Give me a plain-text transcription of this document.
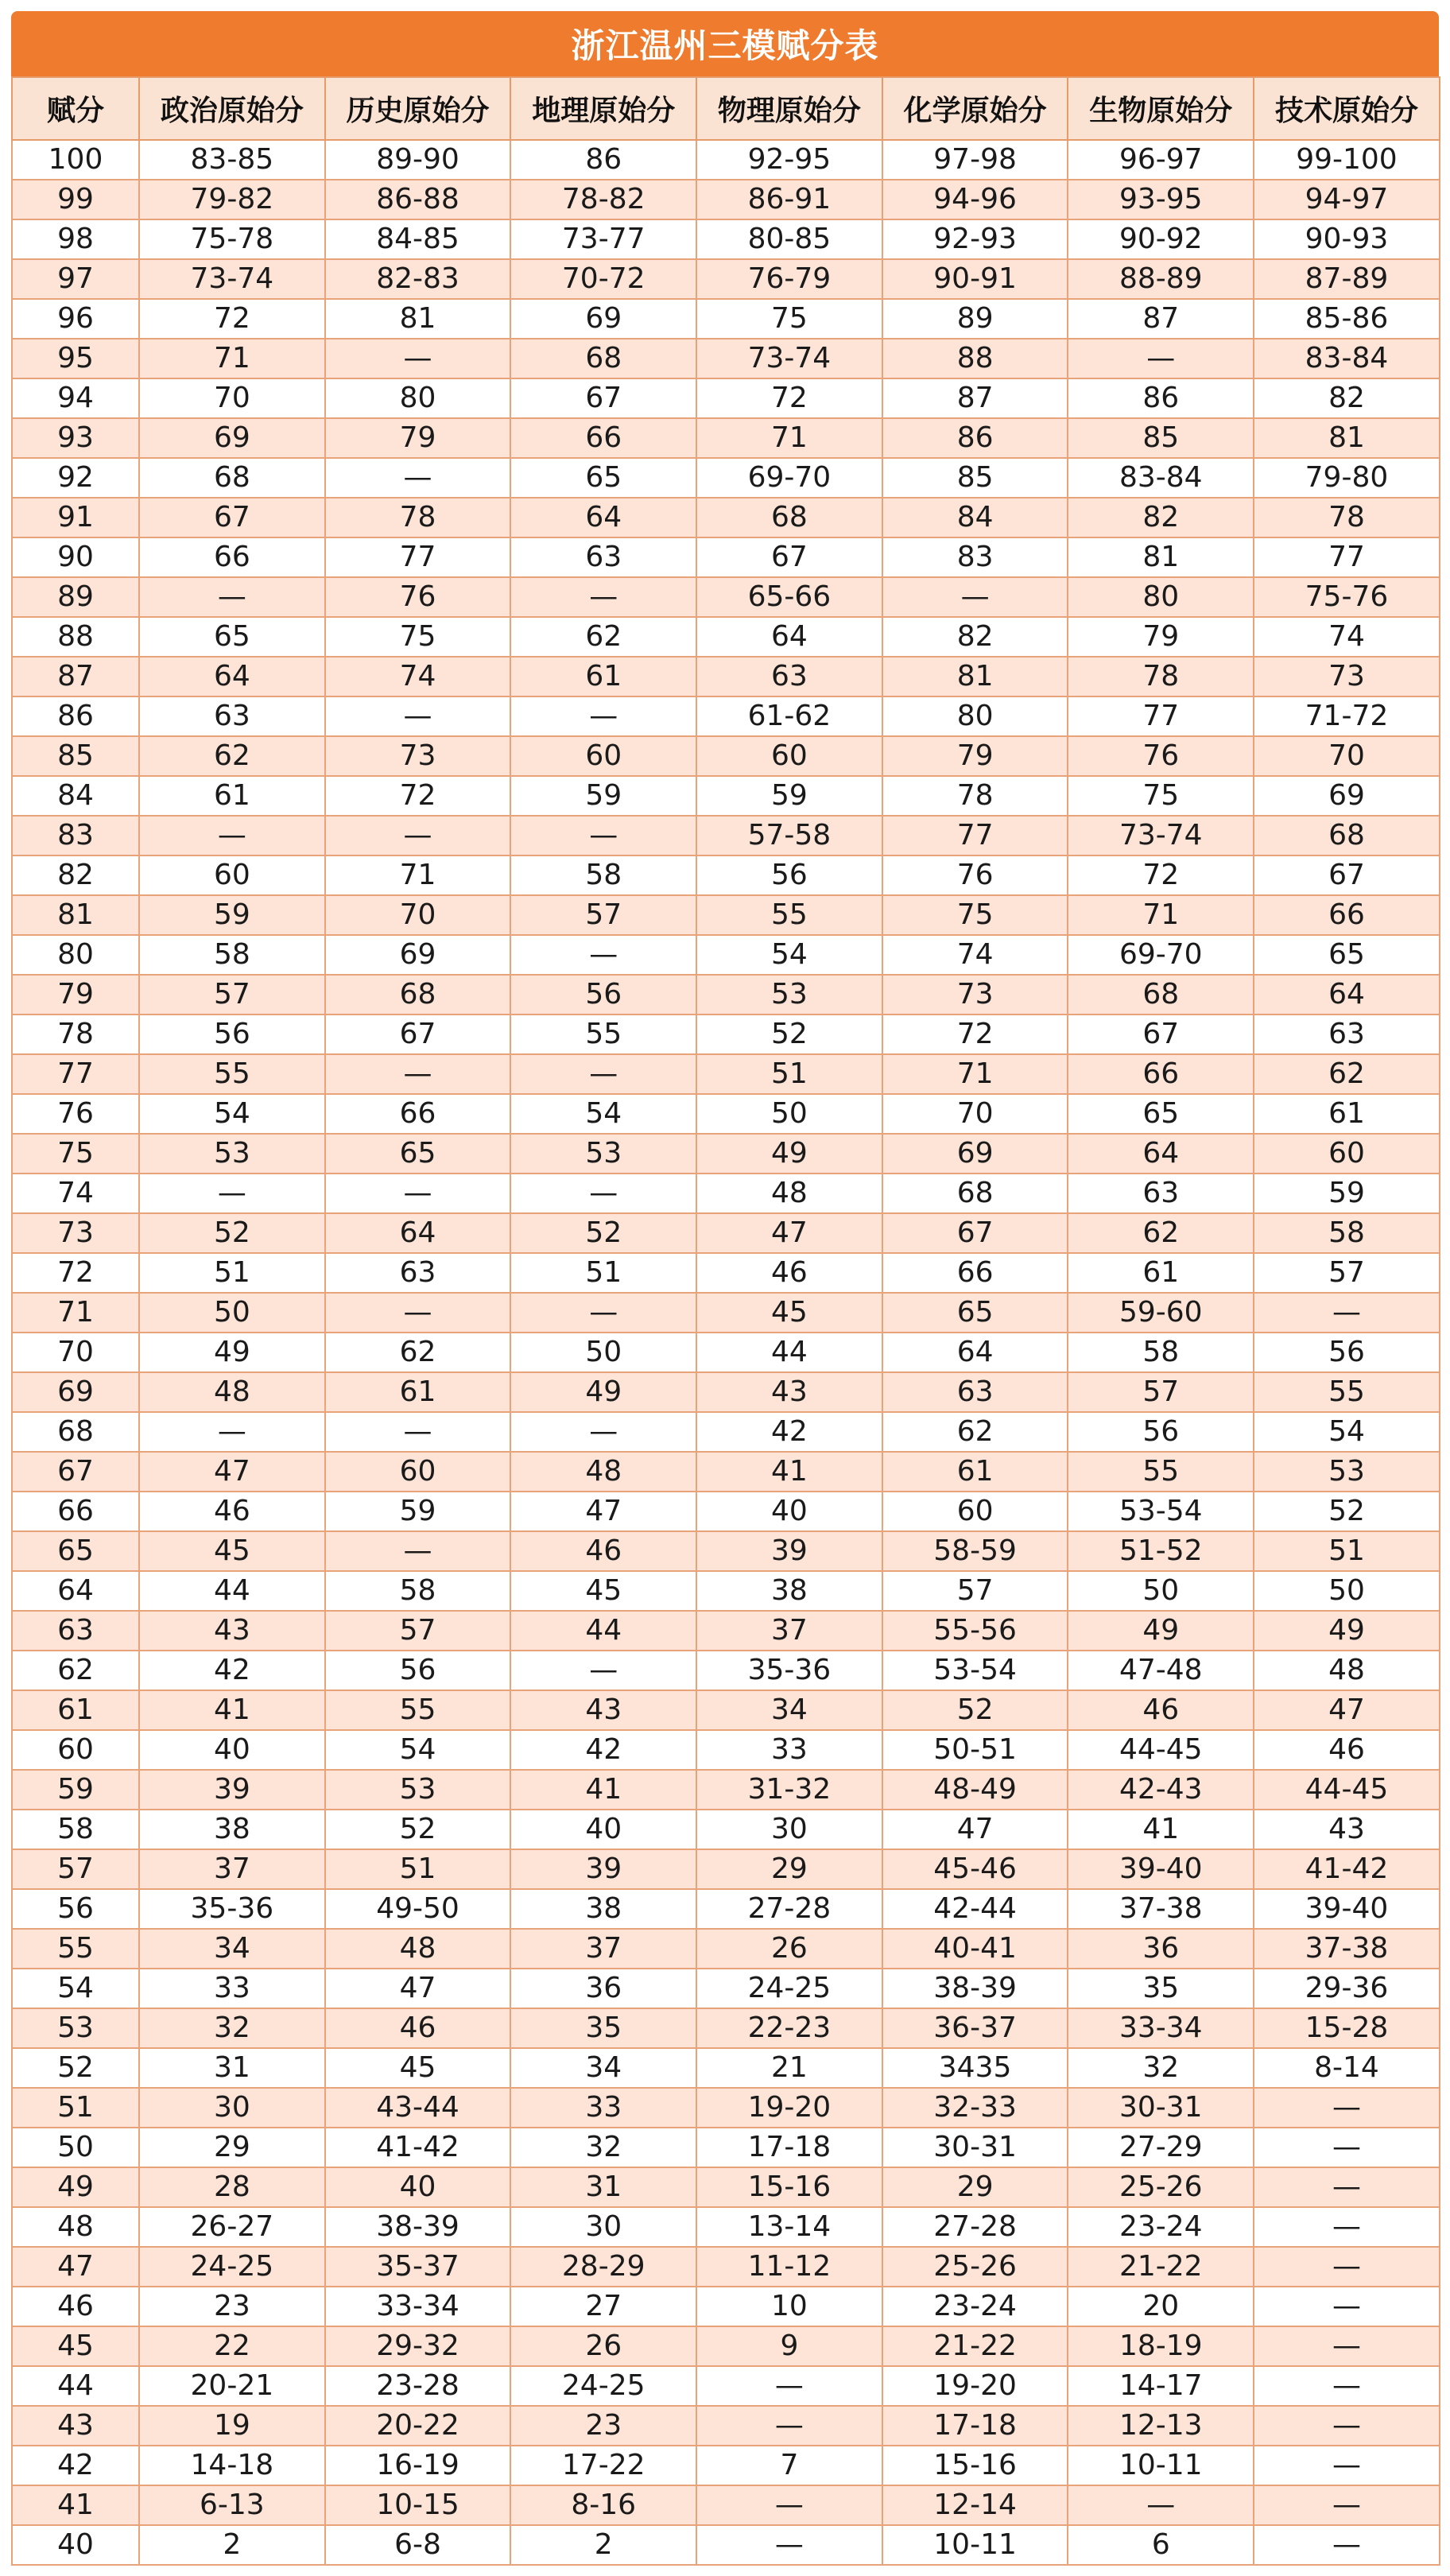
浙江温州三模赋分表
赋分	政治原始分	历史原始分	地理原始分	物理原始分	化学原始分	生物原始分	技术原始分
100	83-85	89-90	86	92-95	97-98	96-97	99-100
99	79-82	86-88	78-82	86-91	94-96	93-95	94-97
98	75-78	84-85	73-77	80-85	92-93	90-92	90-93
97	73-74	82-83	70-72	76-79	90-91	88-89	87-89
96	72	81	69	75	89	87	85-86
95	71	—	68	73-74	88	—	83-84
94	70	80	67	72	87	86	82
93	69	79	66	71	86	85	81
92	68	—	65	69-70	85	83-84	79-80
91	67	78	64	68	84	82	78
90	66	77	63	67	83	81	77
89	—	76	—	65-66	—	80	75-76
88	65	75	62	64	82	79	74
87	64	74	61	63	81	78	73
86	63	—	—	61-62	80	77	71-72
85	62	73	60	60	79	76	70
84	61	72	59	59	78	75	69
83	—	—	—	57-58	77	73-74	68
82	60	71	58	56	76	72	67
81	59	70	57	55	75	71	66
80	58	69	—	54	74	69-70	65
79	57	68	56	53	73	68	64
78	56	67	55	52	72	67	63
77	55	—	—	51	71	66	62
76	54	66	54	50	70	65	61
75	53	65	53	49	69	64	60
74	—	—	—	48	68	63	59
73	52	64	52	47	67	62	58
72	51	63	51	46	66	61	57
71	50	—	—	45	65	59-60	—
70	49	62	50	44	64	58	56
69	48	61	49	43	63	57	55
68	—	—	—	42	62	56	54
67	47	60	48	41	61	55	53
66	46	59	47	40	60	53-54	52
65	45	—	46	39	58-59	51-52	51
64	44	58	45	38	57	50	50
63	43	57	44	37	55-56	49	49
62	42	56	—	35-36	53-54	47-48	48
61	41	55	43	34	52	46	47
60	40	54	42	33	50-51	44-45	46
59	39	53	41	31-32	48-49	42-43	44-45
58	38	52	40	30	47	41	43
57	37	51	39	29	45-46	39-40	41-42
56	35-36	49-50	38	27-28	42-44	37-38	39-40
55	34	48	37	26	40-41	36	37-38
54	33	47	36	24-25	38-39	35	29-36
53	32	46	35	22-23	36-37	33-34	15-28
52	31	45	34	21	3435	32	8-14
51	30	43-44	33	19-20	32-33	30-31	—
50	29	41-42	32	17-18	30-31	27-29	—
49	28	40	31	15-16	29	25-26	—
48	26-27	38-39	30	13-14	27-28	23-24	—
47	24-25	35-37	28-29	11-12	25-26	21-22	—
46	23	33-34	27	10	23-24	20	—
45	22	29-32	26	9	21-22	18-19	—
44	20-21	23-28	24-25	—	19-20	14-17	—
43	19	20-22	23	—	17-18	12-13	—
42	14-18	16-19	17-22	7	15-16	10-11	—
41	6-13	10-15	8-16	—	12-14	—	—
40	2	6-8	2	—	10-11	6	—
